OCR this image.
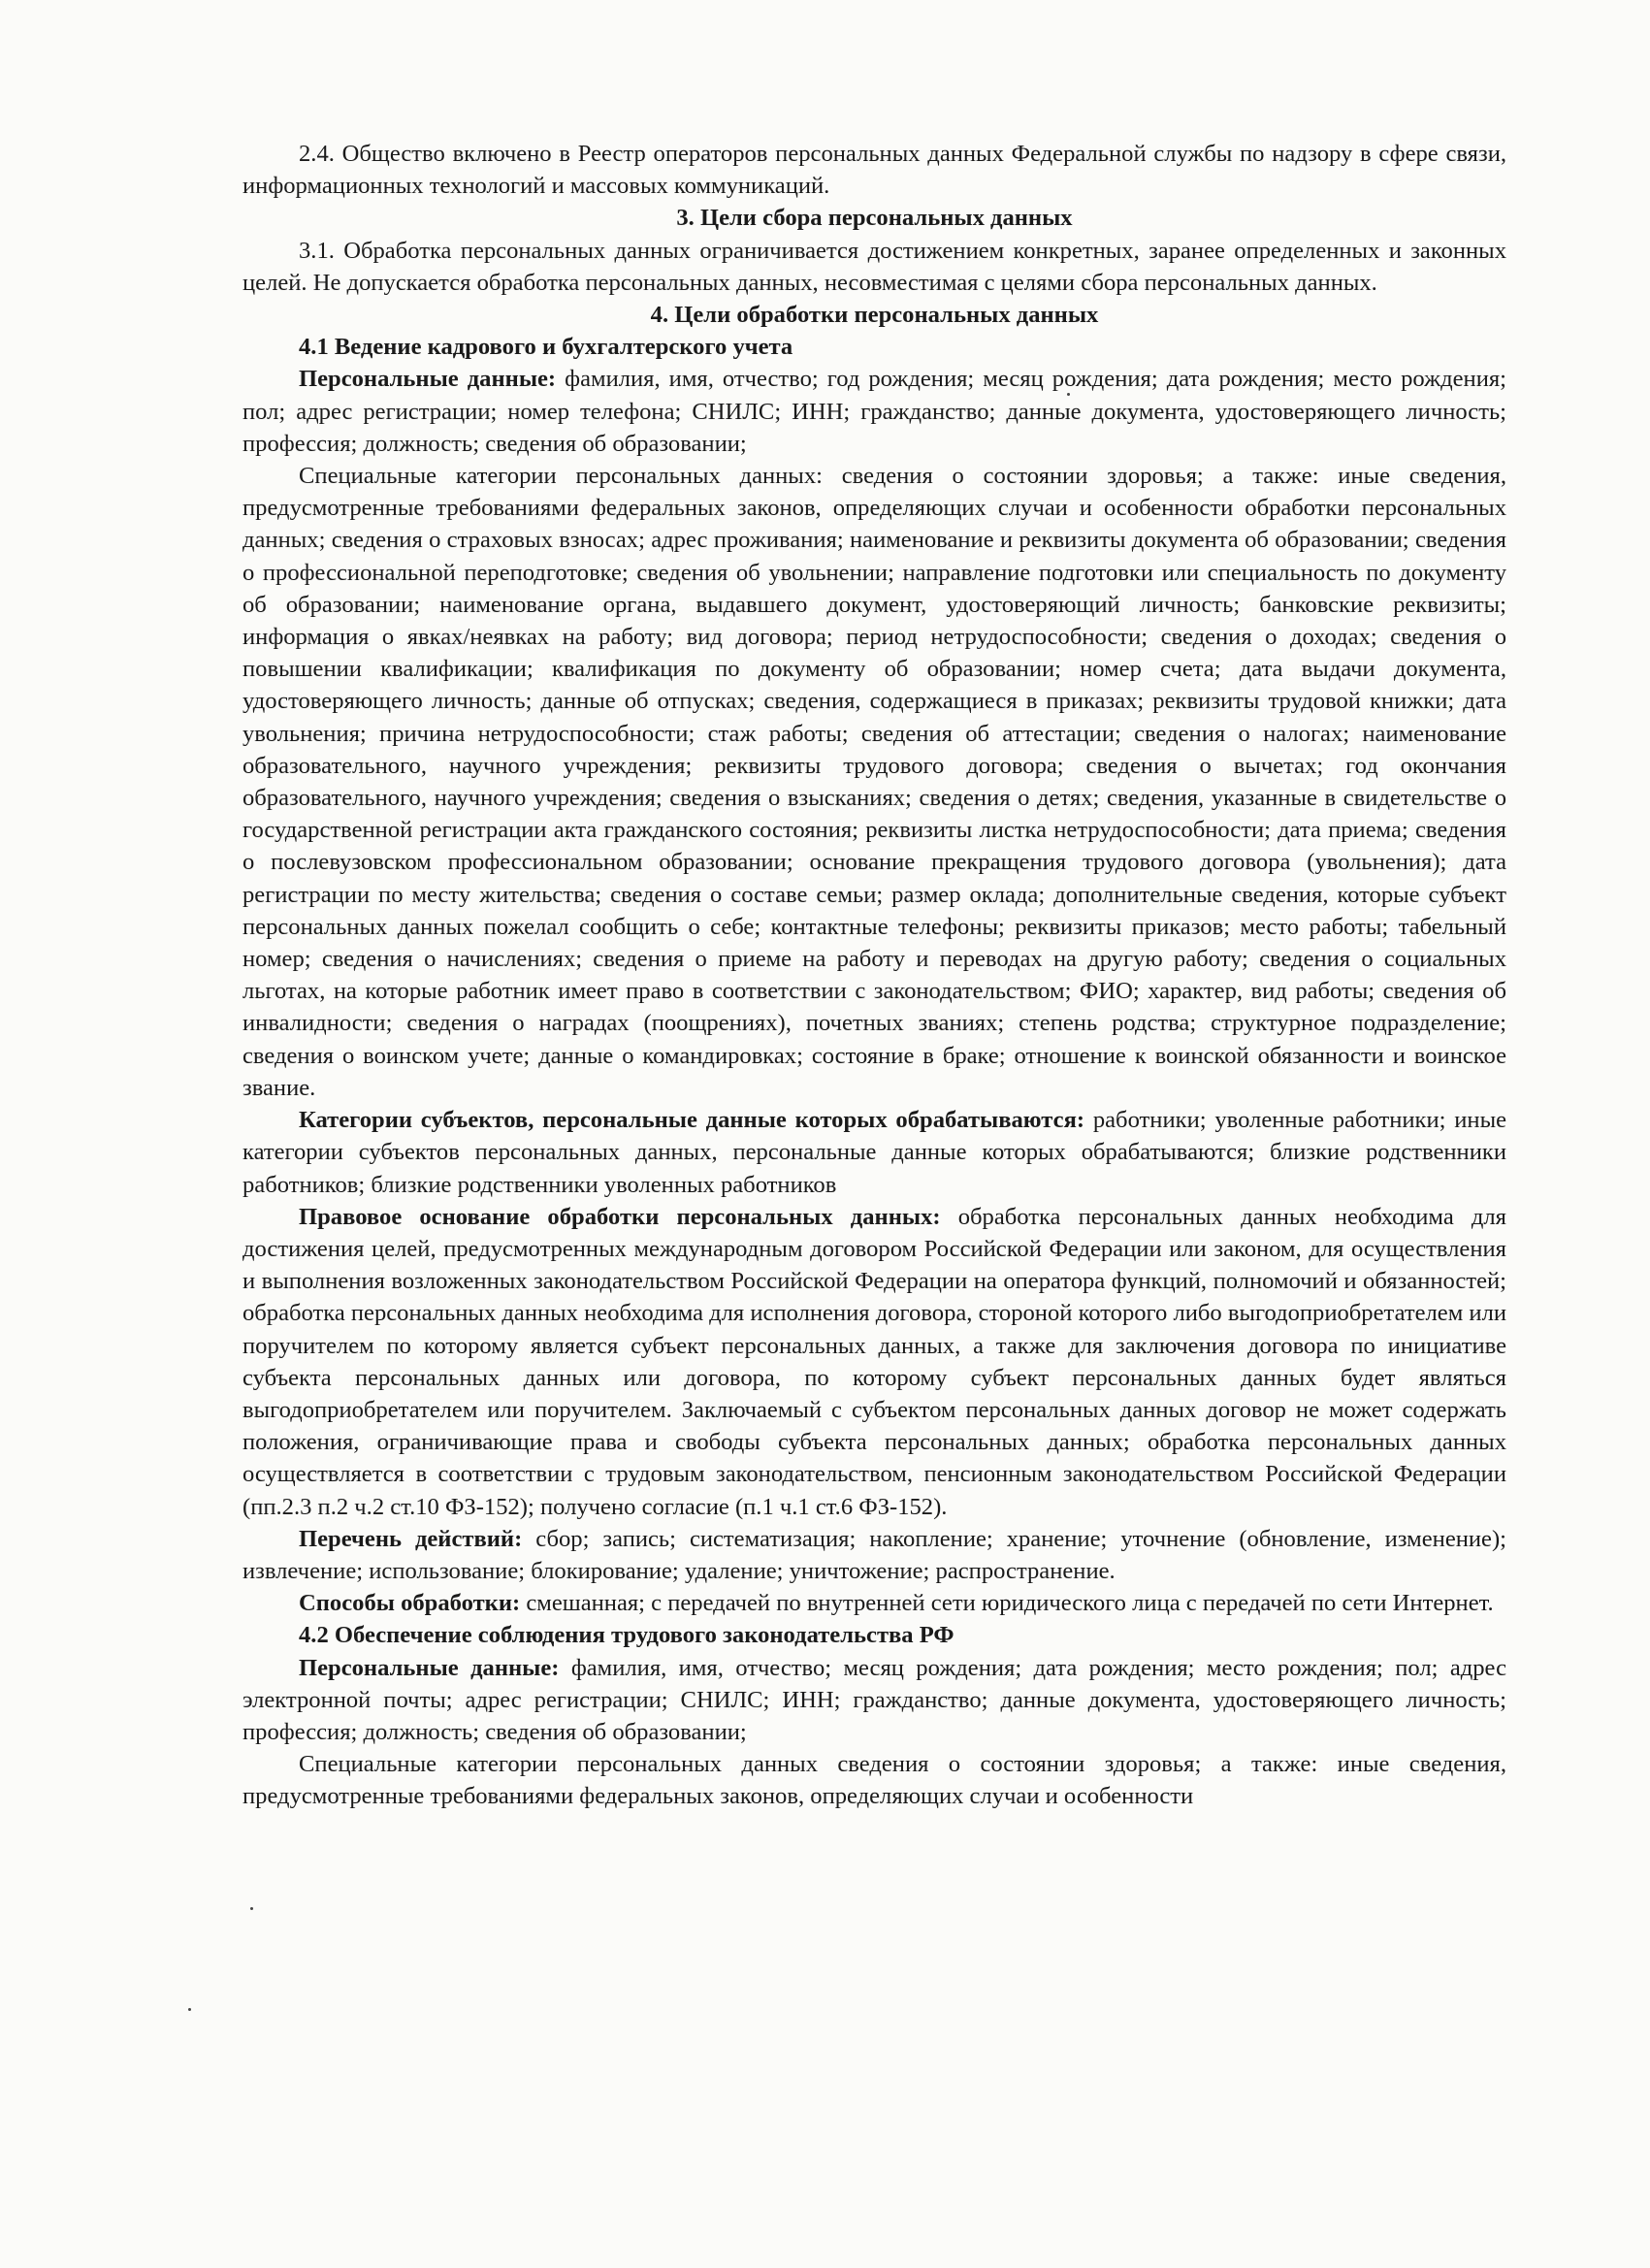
2.4. Общество включено в Реестр операторов персональных данных Федеральной службы по надзору в сфере связи, информационных технологий и массовых коммуникаций.

3. Цели сбора персональных данных

3.1. Обработка персональных данных ограничивается достижением конкретных, заранее определенных и законных целей. Не допускается обработка персональных данных, несовместимая с целями сбора персональных данных.

4. Цели обработки персональных данных

4.1 Ведение кадрового и бухгалтерского учета

Персональные данные: фамилия, имя, отчество; год рождения; месяц рождения; дата рождения; место рождения; пол; адрес регистрации; номер телефона; СНИЛС; ИНН; гражданство; данные документа, удостоверяющего личность; профессия; должность; сведения об образовании;

Специальные категории персональных данных: сведения о состоянии здоровья; а также: иные сведения, предусмотренные требованиями федеральных законов, определяющих случаи и особенности обработки персональных данных; сведения о страховых взносах; адрес проживания; наименование и реквизиты документа об образовании; сведения о профессиональной переподготовке; сведения об увольнении; направление подготовки или специальность по документу об образовании; наименование органа, выдавшего документ, удостоверяющий личность; банковские реквизиты; информация о явках/неявках на работу; вид договора; период нетрудоспособности; сведения о доходах; сведения о повышении квалификации; квалификация по документу об образовании; номер счета; дата выдачи документа, удостоверяющего личность; данные об отпусках; сведения, содержащиеся в приказах; реквизиты трудовой книжки; дата увольнения; причина нетрудоспособности; стаж работы; сведения об аттестации; сведения о налогах; наименование образовательного, научного учреждения; реквизиты трудового договора; сведения о вычетах; год окончания образовательного, научного учреждения; сведения о взысканиях; сведения о детях; сведения, указанные в свидетельстве о государственной регистрации акта гражданского состояния; реквизиты листка нетрудоспособности; дата приема; сведения о послевузовском профессиональном образовании; основание прекращения трудового договора (увольнения); дата регистрации по месту жительства; сведения о составе семьи; размер оклада; дополнительные сведения, которые субъект персональных данных пожелал сообщить о себе; контактные телефоны; реквизиты приказов; место работы; табельный номер; сведения о начислениях; сведения о приеме на работу и переводах на другую работу; сведения о социальных льготах, на которые работник имеет право в соответствии с законодательством; ФИО; характер, вид работы; сведения об инвалидности; сведения о наградах (поощрениях), почетных званиях; степень родства; структурное подразделение; сведения о воинском учете; данные о командировках; состояние в браке; отношение к воинской обязанности и воинское звание.

Категории субъектов, персональные данные которых обрабатываются: работники; уволенные работники; иные категории субъектов персональных данных, персональные данные которых обрабатываются; близкие родственники работников; близкие родственники уволенных работников

Правовое основание обработки персональных данных: обработка персональных данных необходима для достижения целей, предусмотренных международным договором Российской Федерации или законом, для осуществления и выполнения возложенных законодательством Российской Федерации на оператора функций, полномочий и обязанностей; обработка персональных данных необходима для исполнения договора, стороной которого либо выгодоприобретателем или поручителем по которому является субъект персональных данных, а также для заключения договора по инициативе субъекта персональных данных или договора, по которому субъект персональных данных будет являться выгодоприобретателем или поручителем. Заключаемый с субъектом персональных данных договор не может содержать положения, ограничивающие права и свободы субъекта персональных данных; обработка персональных данных осуществляется в соответствии с трудовым законодательством, пенсионным законодательством Российской Федерации (пп.2.3 п.2 ч.2 ст.10 ФЗ-152); получено согласие (п.1 ч.1 ст.6 ФЗ-152).

Перечень действий: сбор; запись; систематизация; накопление; хранение; уточнение (обновление, изменение); извлечение; использование; блокирование; удаление; уничтожение; распространение.

Способы обработки: смешанная; с передачей по внутренней сети юридического лица с передачей по сети Интернет.

4.2 Обеспечение соблюдения трудового законодательства РФ

Персональные данные: фамилия, имя, отчество; месяц рождения; дата рождения; место рождения; пол; адрес электронной почты; адрес регистрации; СНИЛС; ИНН; гражданство; данные документа, удостоверяющего личность; профессия; должность; сведения об образовании;

Специальные категории персональных данных сведения о состоянии здоровья; а также: иные сведения, предусмотренные требованиями федеральных законов, определяющих случаи и особенности
